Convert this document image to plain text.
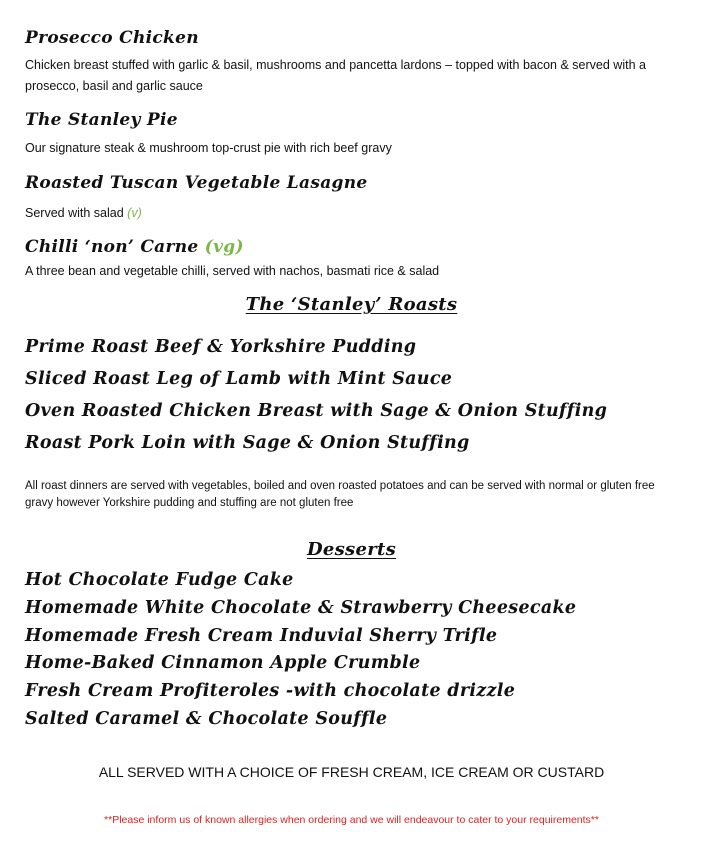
Prosecco Chicken
Chicken breast stuffed with garlic & basil, mushrooms and pancetta lardons – topped with bacon & served with a prosecco, basil and garlic sauce
The Stanley Pie
Our signature steak & mushroom top-crust pie with rich beef gravy
Roasted Tuscan Vegetable Lasagne
Served with salad (v)
Chilli ‘non’ Carne (vg)
A three bean and vegetable chilli, served with nachos, basmati rice & salad
The ‘Stanley’ Roasts
Prime Roast Beef & Yorkshire Pudding
Sliced Roast Leg of Lamb with Mint Sauce
Oven Roasted Chicken Breast with Sage & Onion Stuffing
Roast Pork Loin with Sage & Onion Stuffing
All roast dinners are served with vegetables, boiled and oven roasted potatoes and can be served with normal or gluten free gravy however Yorkshire pudding and stuffing are not gluten free
Desserts
Hot Chocolate Fudge Cake
Homemade White Chocolate & Strawberry Cheesecake
Homemade Fresh Cream Induvial Sherry Trifle
Home-Baked Cinnamon Apple Crumble
Fresh Cream Profiteroles -with chocolate drizzle
Salted Caramel & Chocolate Souffle
ALL SERVED WITH A CHOICE OF FRESH CREAM, ICE CREAM OR CUSTARD
**Please inform us of known allergies when ordering and we will endeavour to cater to your requirements**
